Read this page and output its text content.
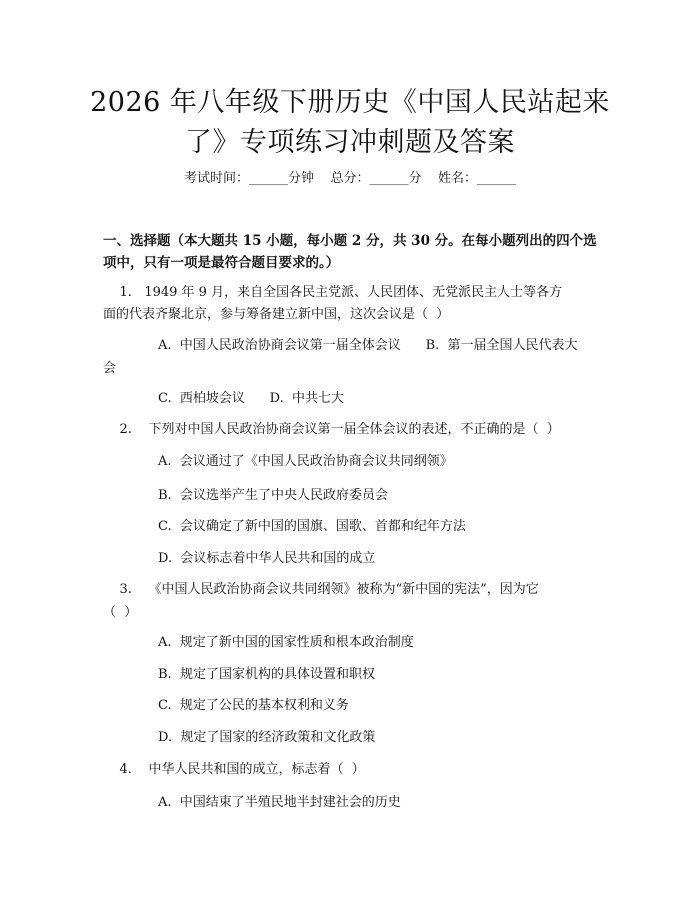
2026 年八年级下册历史《中国人民站起来
了》专项练习冲刺题及答案
考试时间：______分钟    总分：______分    姓名：______
一、选择题（本大题共 15 小题，每小题 2 分，共 30 分。在每小题列出的四个选项中，只有一项是最符合题目要求的。）
1.   1949 年 9 月，来自全国各民主党派、人民团体、无党派民主人士等各方
面的代表齐聚北京，参与筹备建立新中国，这次会议是（  ）
A.  中国人民政治协商会议第一届全体会议      B.  第一届全国人民代表大
会
C.  西柏坡会议      D.  中共七大
2.    下列对中国人民政治协商会议第一届全体会议的表述，不正确的是（  ）
A.  会议通过了《中国人民政治协商会议共同纲领》
B.  会议选举产生了中央人民政府委员会
C.  会议确定了新中国的国旗、国歌、首都和纪年方法
D.  会议标志着中华人民共和国的成立
3.    《中国人民政治协商会议共同纲领》被称为“新中国的宪法”，因为它
（  ）
A.  规定了新中国的国家性质和根本政治制度
B.  规定了国家机构的具体设置和职权
C.  规定了公民的基本权利和义务
D.  规定了国家的经济政策和文化政策
4.    中华人民共和国的成立，标志着（  ）
A.  中国结束了半殖民地半封建社会的历史
